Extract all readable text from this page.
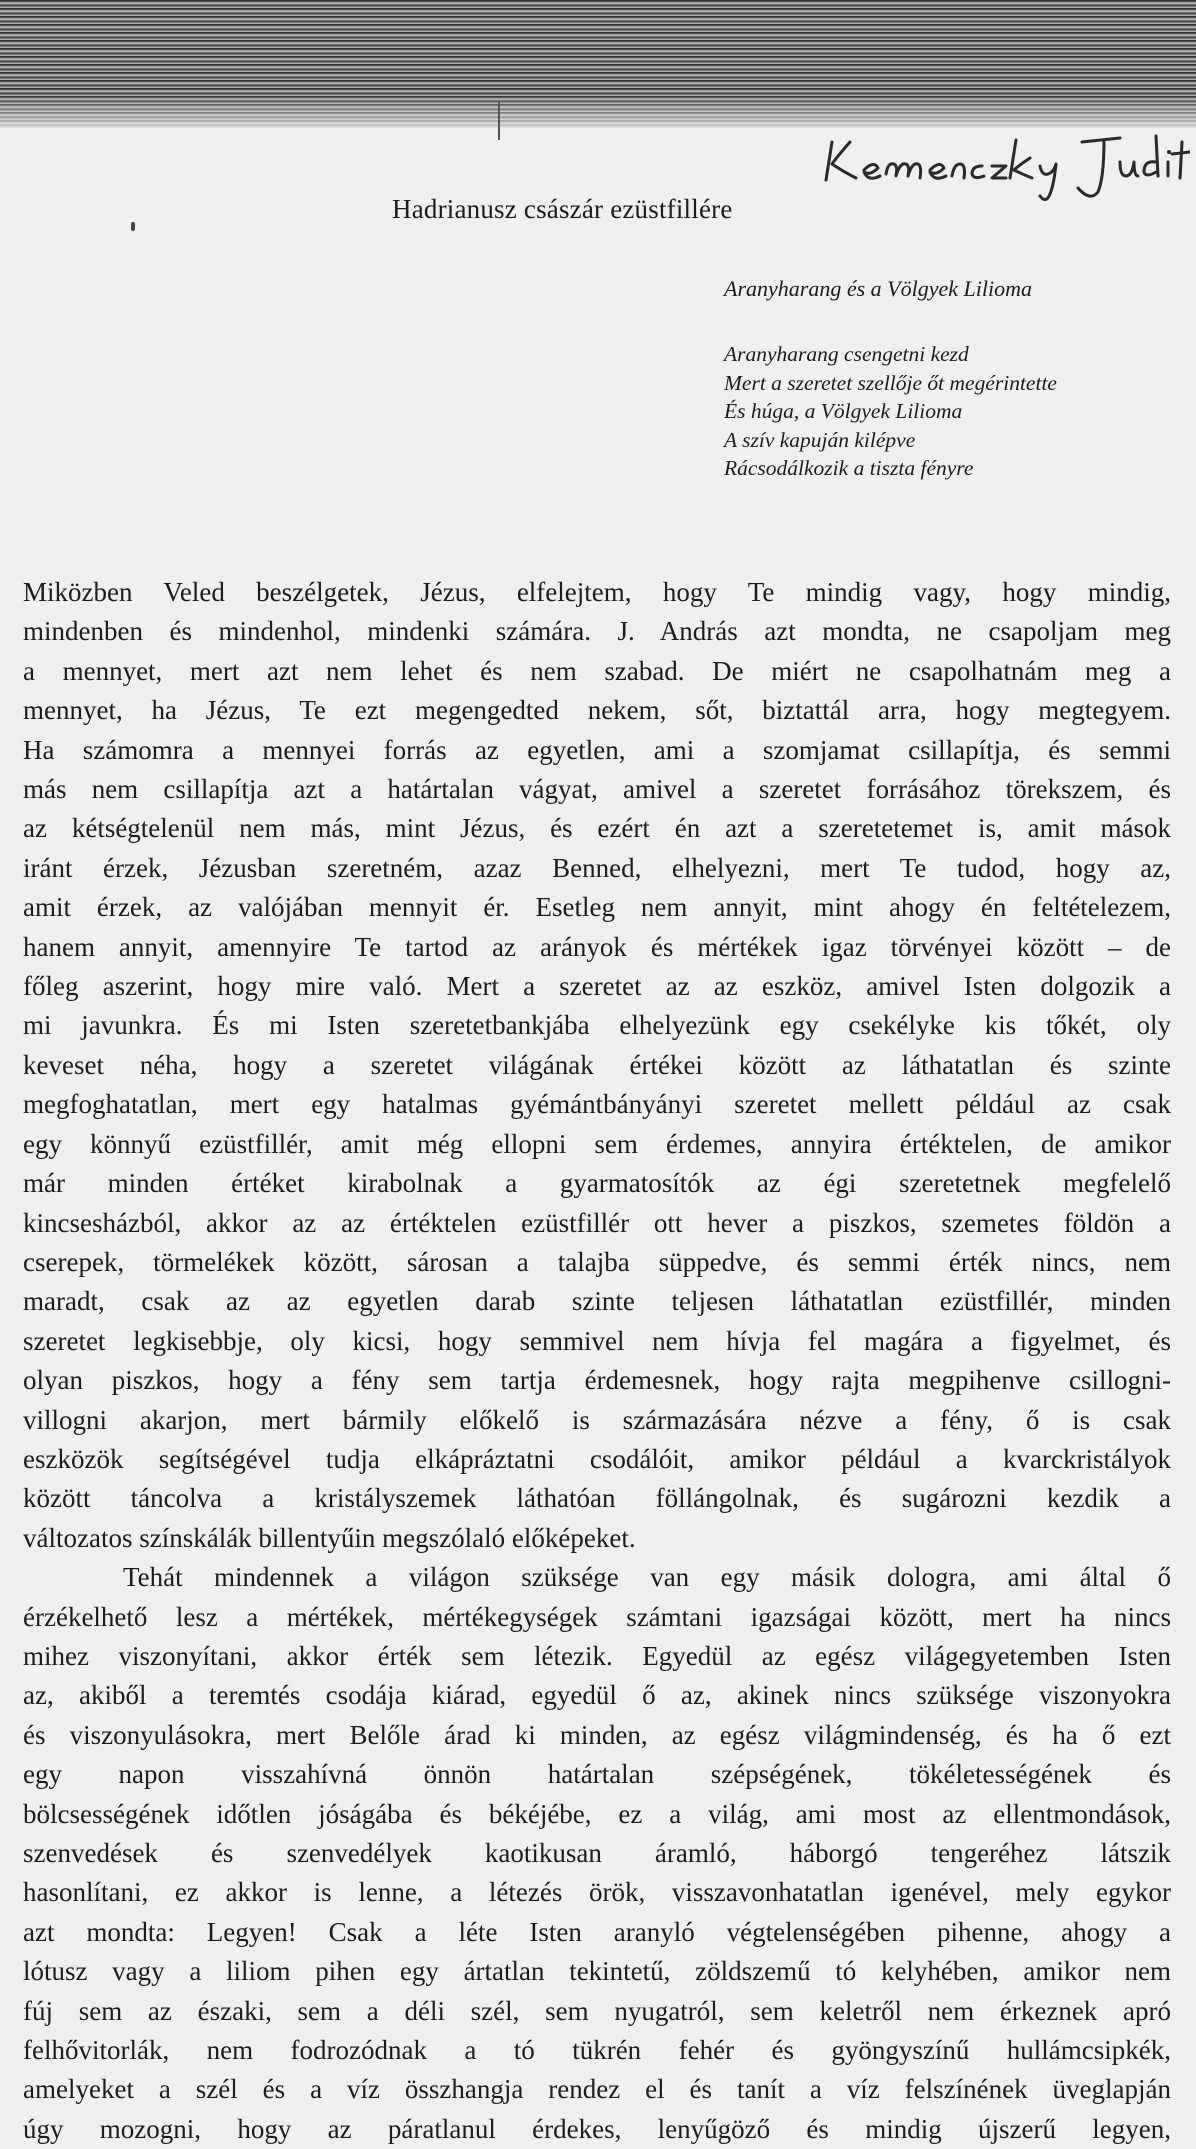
Hadrianusz császár ezüstfillére
Aranyharang és a Völgyek Lilioma
Aranyharang csengetni kezd
Mert a szeretet szellője őt megérintette
És húga, a Völgyek Lilioma
A szív kapuján kilépve
Rácsodálkozik a tiszta fényre
Miközben Veled beszélgetek, Jézus, elfelejtem, hogy Te mindig vagy, hogy mindig,
mindenben és mindenhol, mindenki számára. J. András azt mondta, ne csapoljam meg
a mennyet, mert azt nem lehet és nem szabad. De miért ne csapolhatnám meg a
mennyet, ha Jézus, Te ezt megengedted nekem, sőt, biztattál arra, hogy megtegyem.
Ha számomra a mennyei forrás az egyetlen, ami a szomjamat csillapítja, és semmi
más nem csillapítja azt a határtalan vágyat, amivel a szeretet forrásához törekszem, és
az kétségtelenül nem más, mint Jézus, és ezért én azt a szeretetemet is, amit mások
iránt érzek, Jézusban szeretném, azaz Benned, elhelyezni, mert Te tudod, hogy az,
amit érzek, az valójában mennyit ér. Esetleg nem annyit, mint ahogy én feltételezem,
hanem annyit, amennyire Te tartod az arányok és mértékek igaz törvényei között – de
főleg aszerint, hogy mire való. Mert a szeretet az az eszköz, amivel Isten dolgozik a
mi javunkra. És mi Isten szeretetbankjába elhelyezünk egy csekélyke kis tőkét, oly
keveset néha, hogy a szeretet világának értékei között az láthatatlan és szinte
megfoghatatlan, mert egy hatalmas gyémántbányányi szeretet mellett például az csak
egy könnyű ezüstfillér, amit még ellopni sem érdemes, annyira értéktelen, de amikor
már minden értéket kirabolnak a gyarmatosítók az égi szeretetnek megfelelő
kincsesházból, akkor az az értéktelen ezüstfillér ott hever a piszkos, szemetes földön a
cserepek, törmelékek között, sárosan a talajba süppedve, és semmi érték nincs, nem
maradt, csak az az egyetlen darab szinte teljesen láthatatlan ezüstfillér, minden
szeretet legkisebbje, oly kicsi, hogy semmivel nem hívja fel magára a figyelmet, és
olyan piszkos, hogy a fény sem tartja érdemesnek, hogy rajta megpihenve csillogni-
villogni akarjon, mert bármily előkelő is származására nézve a fény, ő is csak
eszközök segítségével tudja elkápráztatni csodálóit, amikor például a kvarckristályok
között táncolva a kristályszemek láthatóan föllángolnak, és sugározni kezdik a
változatos színskálák billentyűin megszólaló előképeket.
Tehát mindennek a világon szüksége van egy másik dologra, ami által ő
érzékelhető lesz a mértékek, mértékegységek számtani igazságai között, mert ha nincs
mihez viszonyítani, akkor érték sem létezik. Egyedül az egész világegyetemben Isten
az, akiből a teremtés csodája kiárad, egyedül ő az, akinek nincs szüksége viszonyokra
és viszonyulásokra, mert Belőle árad ki minden, az egész világmindenség, és ha ő ezt
egy napon visszahívná önnön határtalan szépségének, tökéletességének és
bölcsességének időtlen jóságába és békéjébe, ez a világ, ami most az ellentmondások,
szenvedések és szenvedélyek kaotikusan áramló, háborgó tengeréhez látszik
hasonlítani, ez akkor is lenne, a létezés örök, visszavonhatatlan igenével, mely egykor
azt mondta: Legyen! Csak a léte Isten aranyló végtelenségében pihenne, ahogy a
lótusz vagy a liliom pihen egy ártatlan tekintetű, zöldszemű tó kelyhében, amikor nem
fúj sem az északi, sem a déli szél, sem nyugatról, sem keletről nem érkeznek apró
felhővitorlák, nem fodrozódnak a tó tükrén fehér és gyöngyszínű hullámcsipkék,
amelyeket a szél és a víz összhangja rendez el és tanít a víz felszínének üveglapján
úgy mozogni, hogy az páratlanul érdekes, lenyűgöző és mindig újszerű legyen,
